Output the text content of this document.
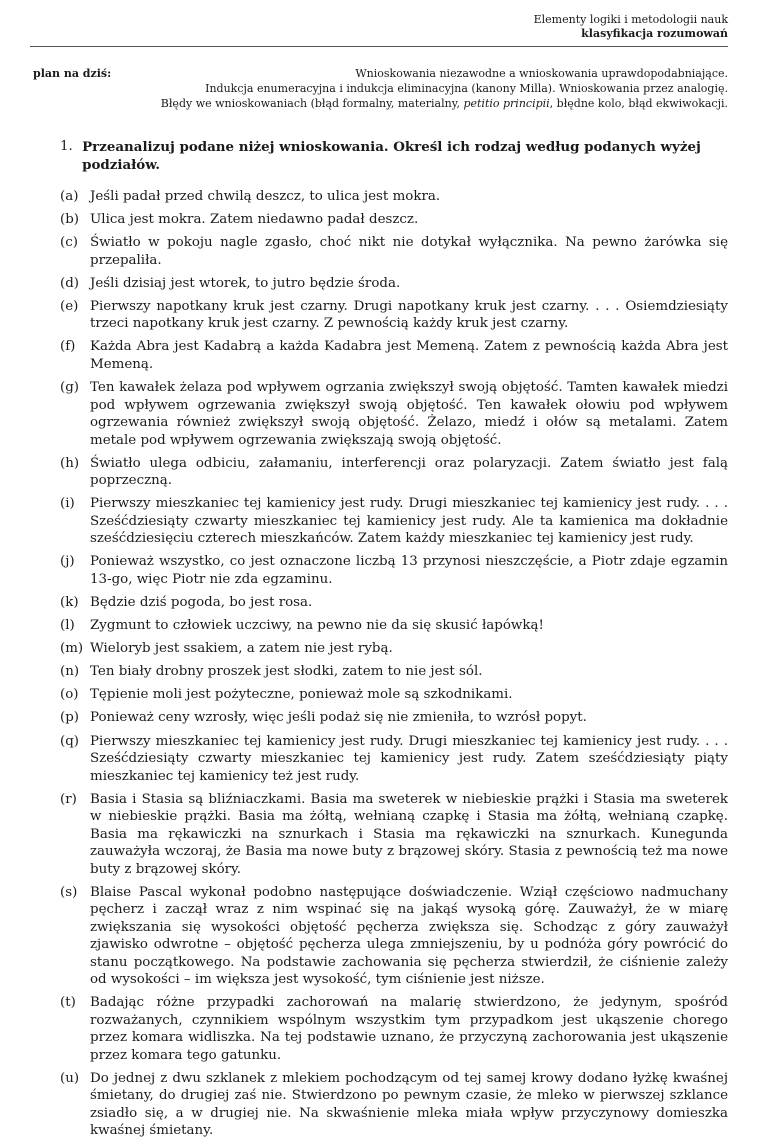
Elementy logiki i metodologii nauk
klasyfikacja rozumowań
plan na dziś:	Wnioskowania niezawodne a wnioskowania uprawdopodabniające.
Indukcja enumeracyjna i indukcja eliminacyjna (kanony Milla). Wnioskowania przez analogię.
Błędy we wnioskowaniach (błąd formalny, materialny, petitio principii, błędne kolo, błąd ekwiwokacji.
1. Przeanalizuj podane niżej wnioskowania. Określ ich rodzaj według podanych wyżej podziałów.
(a) Jeśli padał przed chwilą deszcz, to ulica jest mokra.
(b) Ulica jest mokra. Zatem niedawno padał deszcz.
(c) Światło w pokoju nagle zgasło, choć nikt nie dotykał wyłącznika. Na pewno żarówka się przepaliła.
(d) Jeśli dzisiaj jest wtorek, to jutro będzie środa.
(e) Pierwszy napotkany kruk jest czarny. Drugi napotkany kruk jest czarny. . . . Osiemdziesiąty trzeci napotkany kruk jest czarny. Z pewnością każdy kruk jest czarny.
(f)	Każda Abra jest Kadabrą a każda Kadabra jest Memeną. Zatem z pewnością każda Abra jest Memeną.
(g) Ten kawałek żelaza pod wpływem ogrzania zwiększył swoją objętość. Tamten kawałek miedzi pod wpływem ogrzewania zwiększył swoją objętość. Ten kawałek ołowiu pod wpływem ogrzewania również zwiększył swoją objętość. Żelazo, miedź i ołów są metalami. Zatem metale pod wpływem ogrzewania zwiększają swoją objętość.
(h) Światło ulega odbiciu, załamaniu, interferencji oraz polaryzacji. Zatem światło jest falą poprzeczną.
(i)	Pierwszy mieszkaniec tej kamienicy jest rudy. Drugi mieszkaniec tej kamienicy jest rudy. . . . Sześćdziesiąty czwarty mieszkaniec tej kamienicy jest rudy. Ale ta kamienica ma dokładnie sześćdziesięciu czterech mieszkańców. Zatem każdy mieszkaniec tej kamienicy jest rudy.
(j)	Ponieważ wszystko, co jest oznaczone liczbą 13 przynosi nieszczęście, a Piotr zdaje egzamin 13-go, więc Piotr nie zda egzaminu.
(k) Będzie dziś pogoda, bo jest rosa.
(l)	Zygmunt to człowiek uczciwy, na pewno nie da się skusić łapówką!
(m) Wieloryb jest ssakiem, a zatem nie jest rybą.
(n) Ten biały drobny proszek jest słodki, zatem to nie jest sól.
(o) Tępienie moli jest pożyteczne, ponieważ mole są szkodnikami.
(p) Ponieważ ceny wzrosły, więc jeśli podaż się nie zmieniła, to wzrósł popyt.
(q) Pierwszy mieszkaniec tej kamienicy jest rudy. Drugi mieszkaniec tej kamienicy jest rudy. . . . Sześćdziesiąty czwarty mieszkaniec tej kamienicy jest rudy. Zatem sześćdziesiąty piąty mieszkaniec tej kamienicy też jest rudy.
(r) Basia i Stasia są bliźniaczkami. Basia ma sweterek w niebieskie prążki i Stasia ma sweterek w niebieskie prążki. Basia ma żółtą, wełnianą czapkę i Stasia ma żółtą, wełnianą czapkę. Basia ma rękawiczki na sznurkach i Stasia ma rękawiczki na sznurkach. Kunegunda zauważyła wczoraj, że Basia ma nowe buty z brązowej skóry. Stasia z pewnością też ma nowe buty z brązowej skóry.
(s) Blaise Pascal wykonał podobno następujące doświadczenie. Wziął częściowo nadmuchany pęcherz i zaczął wraz z nim wspinać się na jakąś wysoką górę. Zauważył, że w miarę zwiększania się wysokości objętość pęcherza zwiększa się. Schodząc z góry zauważył zjawisko odwrotne – objętość pęcherza ulega zmniejszeniu, by u podnóża góry powrócić do stanu początkowego. Na podstawie zachowania się pęcherza stwierdził, że ciśnienie zależy od wysokości – im większa jest wysokość, tym ciśnienie jest niższe.
(t)	Badając różne przypadki zachorowań na malarię stwierdzono, że jedynym, spośród rozważanych, czynnikiem wspólnym wszystkim tym przypadkom jest ukąszenie chorego przez komara widliszka. Na tej podstawie uznano, że przyczyną zachorowania jest ukąszenie przez komara tego gatunku.
(u) Do jednej z dwu szklanek z mlekiem pochodzącym od tej samej krowy dodano łyżkę kwaśnej śmietany, do drugiej zaś nie. Stwierdzono po pewnym czasie, że mleko w pierwszej szklance zsiadło się, a w drugiej nie. Na skwaśnienie mleka miała wpływ przyczynowy domieszka kwaśnej śmietany.
